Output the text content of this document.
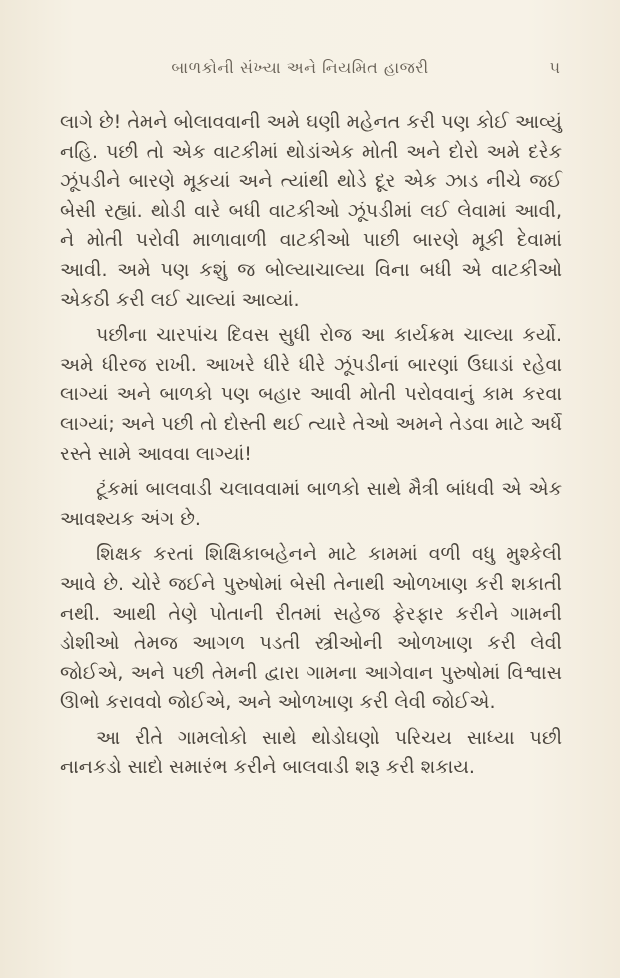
બાળકોની સંખ્યા અને નિયમિત હાજરી	૫

લાગે છે! તેમને બોલાવવાની અમે ઘણી મહેનત કરી પણ કોઈ આવ્યું નહિ. પછી તો એક વાટકીમાં થોડાંએક મોતી અને દોરો અમે દરેક ઝૂંપડીને બારણે મૂકયાં અને ત્યાંથી થોડે દૂર એક ઝાડ નીચે જઈ બેસી રહ્યાં. થોડી વારે બધી વાટકીઓ ઝૂંપડીમાં લઈ લેવામાં આવી, ને મોતી પરોવી માળાવાળી વાટકીઓ પાછી બારણે મૂકી દેવામાં આવી. અમે પણ કશું જ બોલ્યાચાલ્યા વિના બધી એ વાટકીઓ એકઠી કરી લઈ ચાલ્યાં આવ્યાં.

પછીના ચારપાંચ દિવસ સુધી રોજ આ કાર્યક્રમ ચાલ્યા કર્યો. અમે ધીરજ રાખી. આખરે ધીરે ધીરે ઝૂંપડીનાં બારણાં ઉઘાડાં રહેવા લાગ્યાં અને બાળકો પણ બહાર આવી મોતી પરોવવાનું કામ કરવા લાગ્યાં; અને પછી તો દોસ્તી થઈ ત્યારે તેઓ અમને તેડવા માટે અર્ધે રસ્તે સામે આવવા લાગ્યાં!

ટૂંકમાં બાલવાડી ચલાવવામાં બાળકો સાથે મૈત્રી બાંધવી એ એક આવશ્યક અંગ છે.

શિક્ષક કરતાં શિક્ષિકાબહેનને માટે કામમાં વળી વધુ મુશ્કેલી આવે છે. ચોરે જઈને પુરુષોમાં બેસી તેનાથી ઓળખાણ કરી શકાતી નથી. આથી તેણે પોતાની રીતમાં સહેજ ફેરફાર કરીને ગામની ડોશીઓ તેમજ આગળ પડતી સ્ત્રીઓની ઓળખાણ કરી લેવી જોઈએ, અને પછી તેમની દ્વારા ગામના આગેવાન પુરુષોમાં વિશ્વાસ ઊભો કરાવવો જોઈએ, અને ઓળખાણ કરી લેવી જોઈએ.

આ રીતે ગામલોકો સાથે થોડોઘણો પરિચય સાધ્યા પછી નાનકડો સાદો સમારંભ કરીને બાલવાડી શરૂ કરી શકાય.
